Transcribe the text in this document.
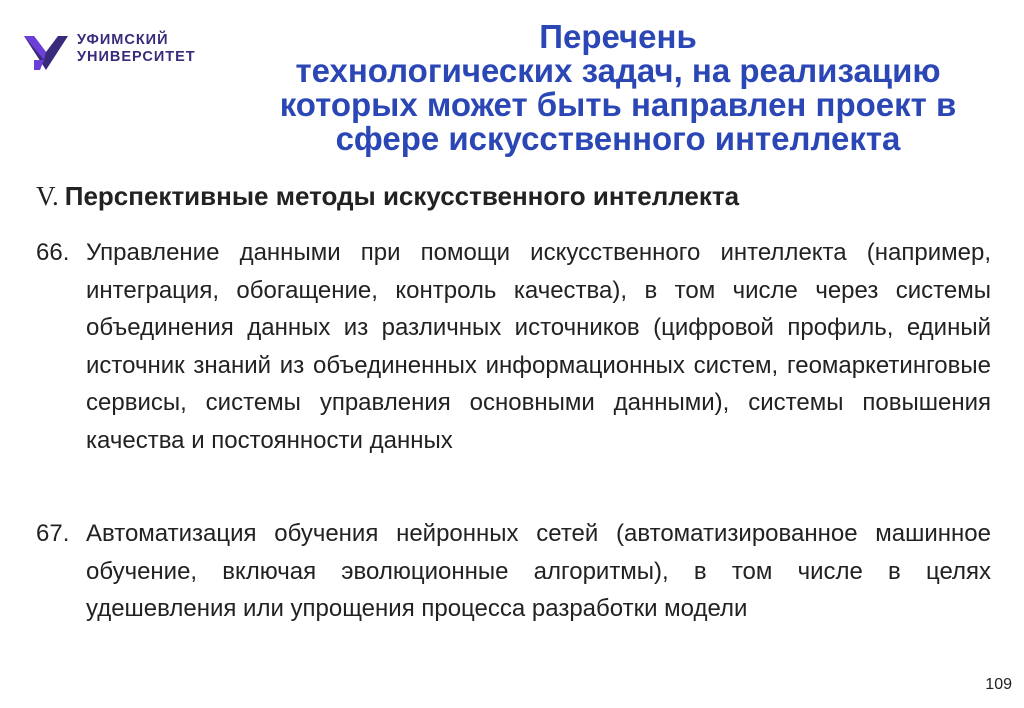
УФИМСКИЙ
УНИВЕРСИТЕТ
Перечень
технологических задач, на реализацию
которых может быть направлен проект в
сфере искусственного интеллекта
V. Перспективные методы искусственного интеллекта
66. Управление данными при помощи искусственного интеллекта (например, интеграция, обогащение, контроль качества), в том числе через системы объединения данных из различных источников (цифровой профиль, единый источник знаний из объединенных информационных систем, геомаркетинговые сервисы, системы управления основными данными), системы повышения качества и постоянности данных
67. Автоматизация обучения нейронных сетей (автоматизированное машинное обучение, включая эволюционные алгоритмы), в том числе в целях удешевления или упрощения процесса разработки модели
109
